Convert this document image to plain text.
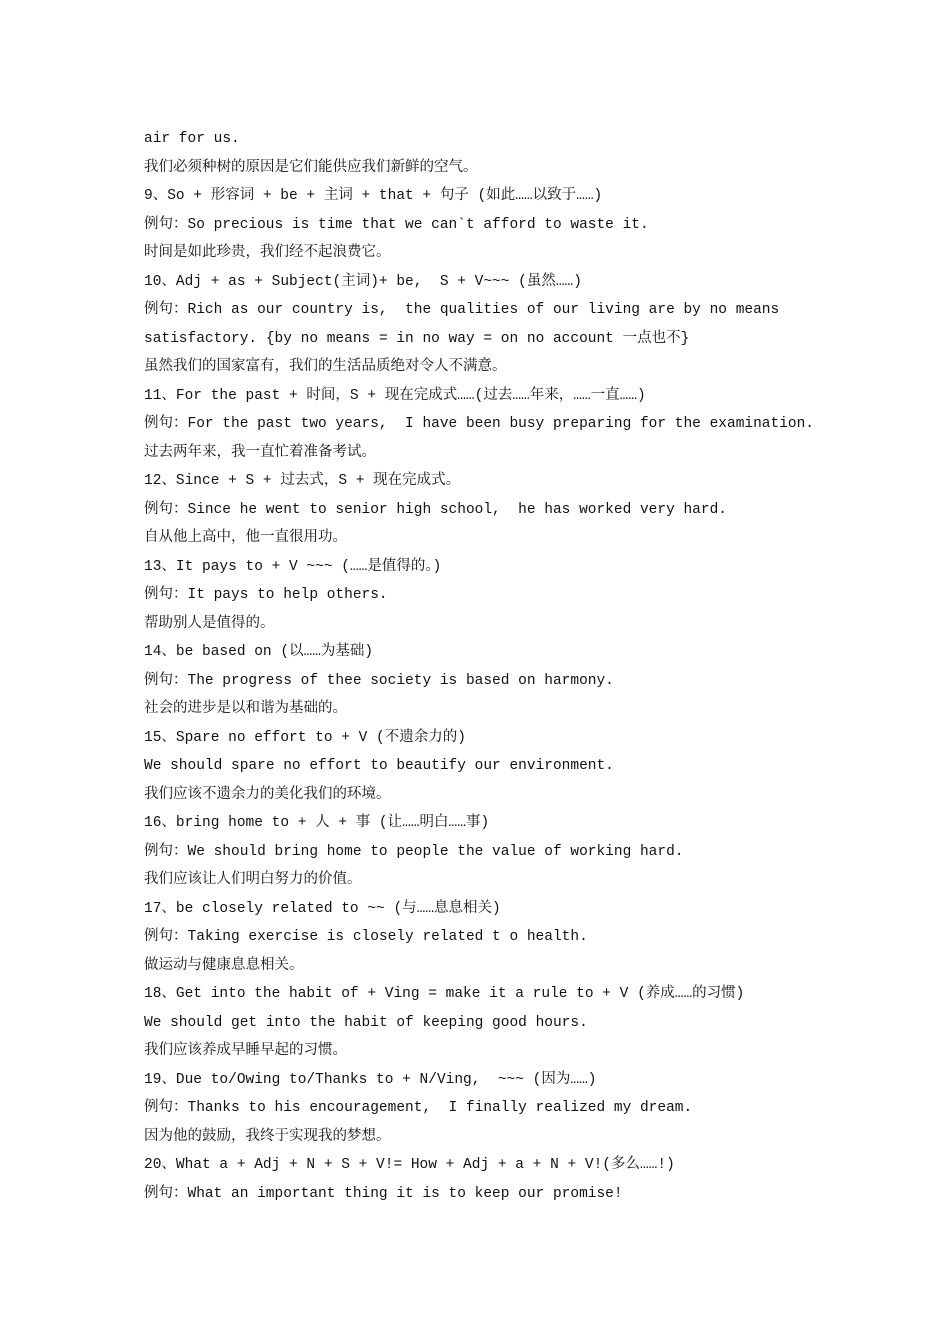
air for us.
我们必须种树的原因是它们能供应我们新鲜的空气。
9、So + 形容词 + be + 主词 + that + 句子 (如此……以致于……)
例句：So precious is time that we can`t afford to waste it.
时间是如此珍贵，我们经不起浪费它。
10、Adj + as + Subject(主词)+ be,  S + V~~~ (虽然……)
例句：Rich as our country is,  the qualities of our living are by no means
satisfactory. {by no means = in no way = on no account 一点也不}
虽然我们的国家富有，我们的生活品质绝对令人不满意。
11、For the past + 时间，S + 现在完成式……(过去……年来，……一直……)
例句：For the past two years,  I have been busy preparing for the examination.
过去两年来，我一直忙着准备考试。
12、Since + S + 过去式，S + 现在完成式。
例句：Since he went to senior high school,  he has worked very hard.
自从他上高中，他一直很用功。
13、It pays to + V ~~~ (……是值得的。)
例句：It pays to help others.
帮助别人是值得的。
14、be based on (以……为基础)
例句：The progress of thee society is based on harmony.
社会的进步是以和谐为基础的。
15、Spare no effort to + V (不遗余力的)
We should spare no effort to beautify our environment.
我们应该不遗余力的美化我们的环境。
16、bring home to + 人 + 事 (让……明白……事)
例句：We should bring home to people the value of working hard.
我们应该让人们明白努力的价值。
17、be closely related to ~~ (与……息息相关)
例句：Taking exercise is closely related t o health.
做运动与健康息息相关。
18、Get into the habit of + Ving = make it a rule to + V (养成……的习惯)
We should get into the habit of keeping good hours.
我们应该养成早睡早起的习惯。
19、Due to/Owing to/Thanks to + N/Ving,  ~~~ (因为……)
例句：Thanks to his encouragement,  I finally realized my dream.
因为他的鼓励，我终于实现我的梦想。
20、What a + Adj + N + S + V!= How + Adj + a + N + V!(多么……!)
例句：What an important thing it is to keep our promise!
